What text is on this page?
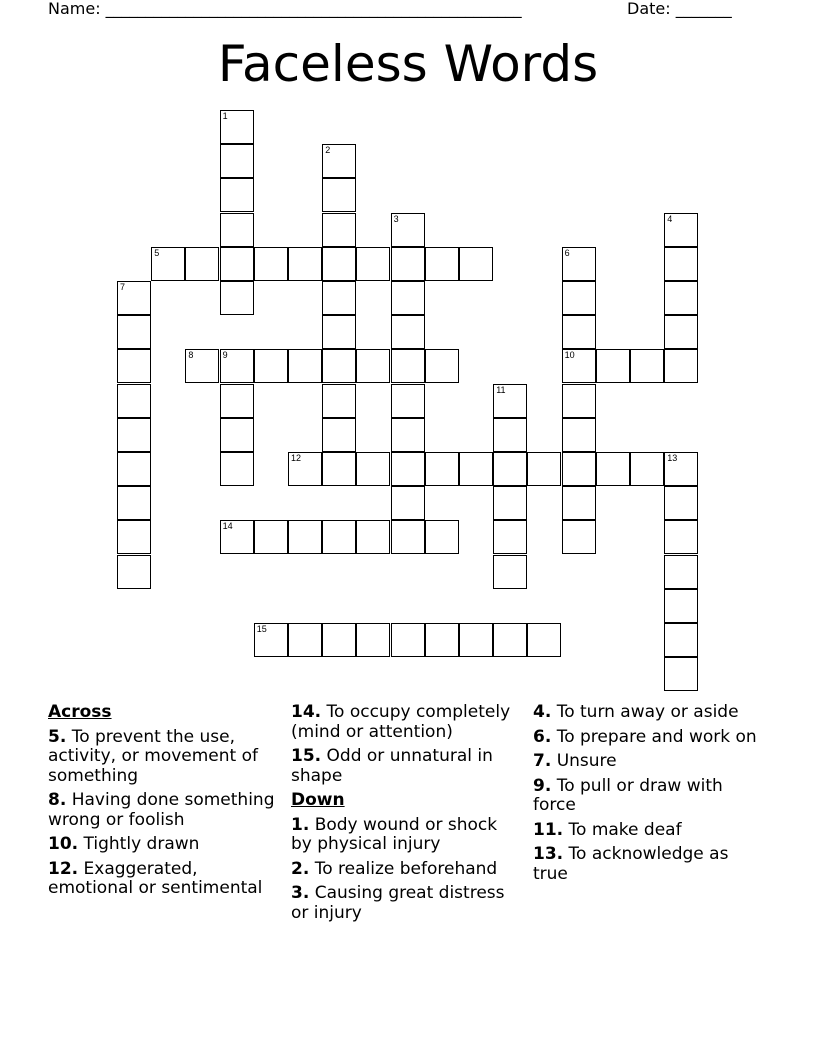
Name: ____________________________________________________	Date: _______
Faceless Words
1
2
3	4
5	6
10
7
8	9
11
12	13
14
15
Across
5. To prevent the use, activity, or movement of something
8. Having done something wrong or foolish
10. Tightly drawn
12. Exaggerated, emotional or sentimental
14. To occupy completely (mind or attention)
15. Odd or unnatural in shape
Down
1. Body wound or shock by physical injury
2. To realize beforehand
3. Causing great distress or injury
4. To turn away or aside
6. To prepare and work on
7. Unsure
9. To pull or draw with force
11. To make deaf
13. To acknowledge as true
